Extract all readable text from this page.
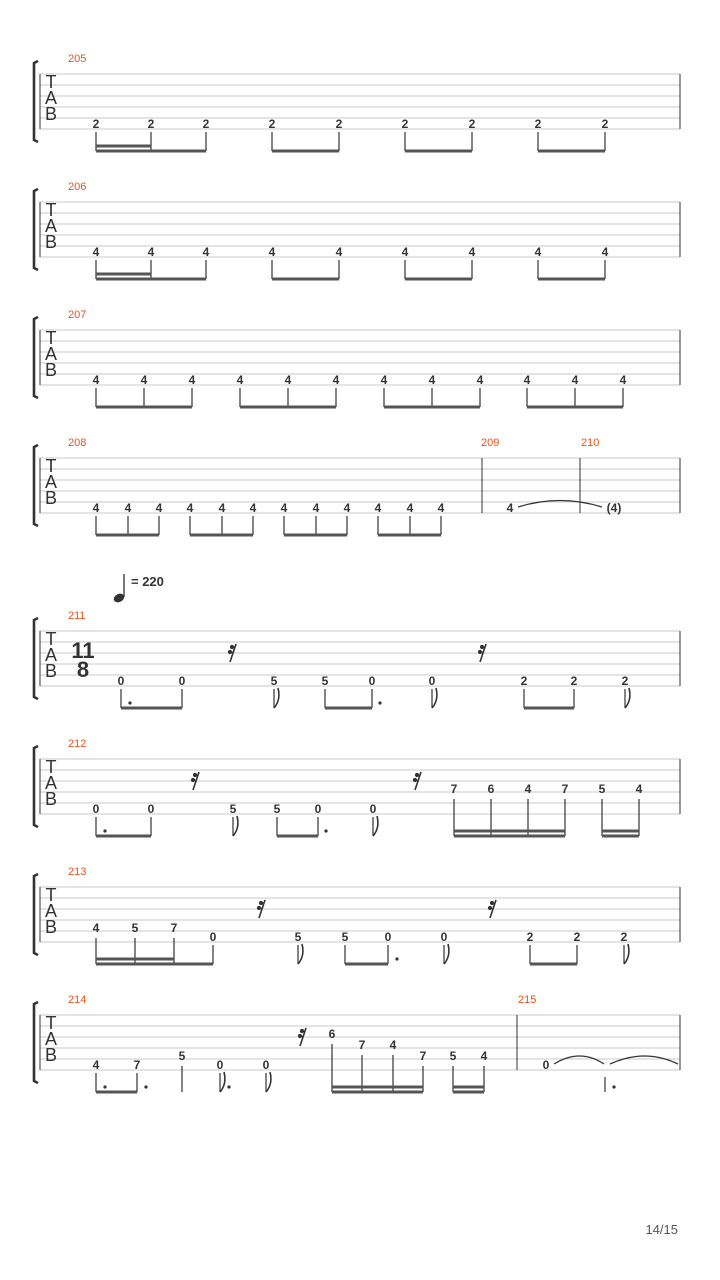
= 220
T
A
B
205
2	2	2	2	2	2	2	2	2
T
A
B
206
4	4	4	4	4	4	4	4	4
T
A
B
207
4	4	4	4	4	4	4	4	4	4	4	4
T
A
B
208	209	210
4 4 4 4 4 4 4 4 4 4 4 4	4	(4)
T
A
B
211
11
8 0	0	5	5	0	0	2	2	2
T
A
B
212
0	0	5	5	0	0
7	6	4	7	5	4
T
A
B
213
4	5	7
0	5	5	0	0	2	2	2
T
A
B
214	215
4	7
5
0	0
6
7 4
7 5 4
0
14/15
